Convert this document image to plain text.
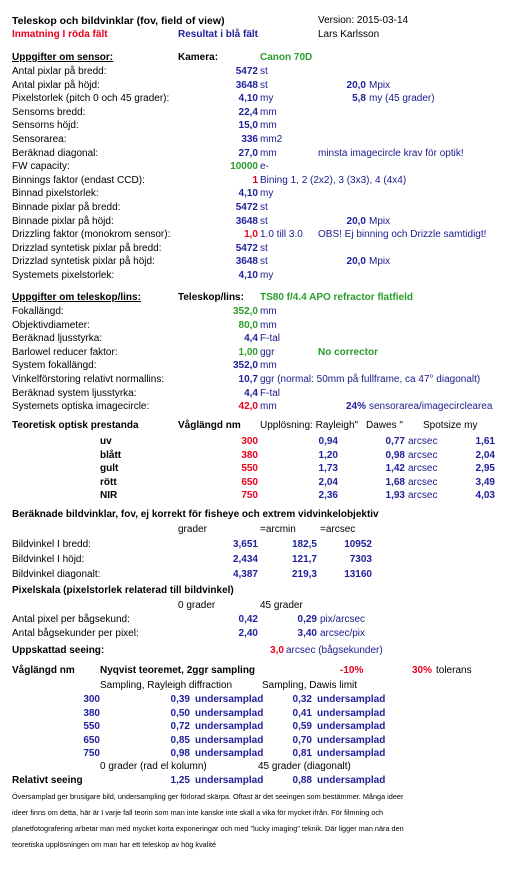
Teleskop och bildvinklar (fov, field of view)	Version: 2015-03-14
Inmatning I röda fält	Resultat i blå fält	Lars Karlsson
Uppgifter om sensor:	Kamera:	Canon 70D
Antal pixlar på bredd:	5472 st
Antal pixlar på höjd:	3648 st	20,0 Mpix
Pixelstorlek (pitch 0 och 45 grader):	4,10 my	5,8 my (45 grader)
Sensorns bredd:	22,4 mm
Sensorns höjd:	15,0 mm
Sensorarea:	336 mm2
Beräknad diagonal:	27,0 mm	minsta imagecircle krav för optik!
FW capacity:	10000 e-
Binnings faktor (endast CCD):	1 Bining 1, 2 (2x2), 3 (3x3), 4 (4x4)
Binnad pixelstorlek:	4,10 my
Binnade pixlar på bredd:	5472 st
Binnade pixlar på höjd:	3648 st	20,0 Mpix
Drizzling faktor (monokrom sensor):	1,0 1.0 till 3.0 OBS! Ej binning och Drizzle samtidigt!
Drizzlad syntetisk pixlar på bredd:	5472 st
Drizzlad syntetisk pixlar på höjd:	3648 st	20,0 Mpix
Systemets pixelstorlek:	4,10 my
Uppgifter om teleskop/lins:	Teleskop/lins: TS80 f/4.4 APO refractor flatfield
Fokallängd:	352,0 mm
Objektivdiameter:	80,0 mm
Beräknad ljusstyrka:	4,4 F-tal
Barlowel reducer faktor:	1,00 ggr	No corrector
System fokallängd:	352,0 mm
Vinkelförstoring relativt normallins:	10,7 ggr (normal: 50mm på fullframe, ca 47° diagonalt)
Beräknad system ljusstyrka:	4,4 F-tal
Systemets optiska imagecircle:	42,0 mm	24% sensorarea/imagecirclearea
Teoretisk optisk prestanda	Våglängd nm Upplösning: Rayleigh" Dawes " Spotsize my
uv	300	0,94	0,77 arcsec	1,61
blått	380	1,20	0,98 arcsec	2,04
gult	550	1,73	1,42 arcsec	2,95
rött	650	2,04	1,68 arcsec	3,49
NIR	750	2,36	1,93 arcsec	4,03
Beräknade bildvinklar, fov, ej korrekt för fisheye och extrem vidvinkelobjektiv
grader	=arcmin =arcsec
Bildvinkel I bredd:	3,651	182,5	10952
Bildvinkel I höjd:	2,434	121,7	7303
Bildvinkel diagonalt:	4,387	219,3	13160
Pixelskala (pixelstorlek relaterad till bildvinkel)
0 grader	45 grader
Antal pixel per bågsekund:	0,42	0,29 pix/arcsec
Antal bågsekunder per pixel:	2,40	3,40 arcsec/pix
Uppskattad seeing:	3,0 arcsec (bågsekunder)
Våglängd nm	Nyqvist teoremet, 2ggr sampling	-10%	30% tolerans
Sampling, Rayleigh diffraction	Sampling, Dawis limit
300	0,39 undersamplad	0,32 undersamplad
380	0,50 undersamplad	0,41 undersamplad
550	0,72 undersamplad	0,59 undersamplad
650	0,85 undersamplad	0,70 undersamplad
750	0,98 undersamplad	0,81 undersamplad
0 grader (rad el kolumn)	45 grader (diagonalt)
Relativt seeing	1,25 undersamplad	0,88 undersamplad
Översamplad ger brusigare bild, undersampling ger förlorad skärpa. Oftast är det seeingen som bestämmer. Många ideer
ideer finns om detta, här är I varje fall teorin som man inte kanske inte skall a vika för mycket ifrån. För filmning och
planetfotografering arbetar man med mycket korta exponeringar och med "lucky imaging" teknik. Där ligger man nära den
teoretiska upplösningen om man har ett teleskop av hög kvalité
